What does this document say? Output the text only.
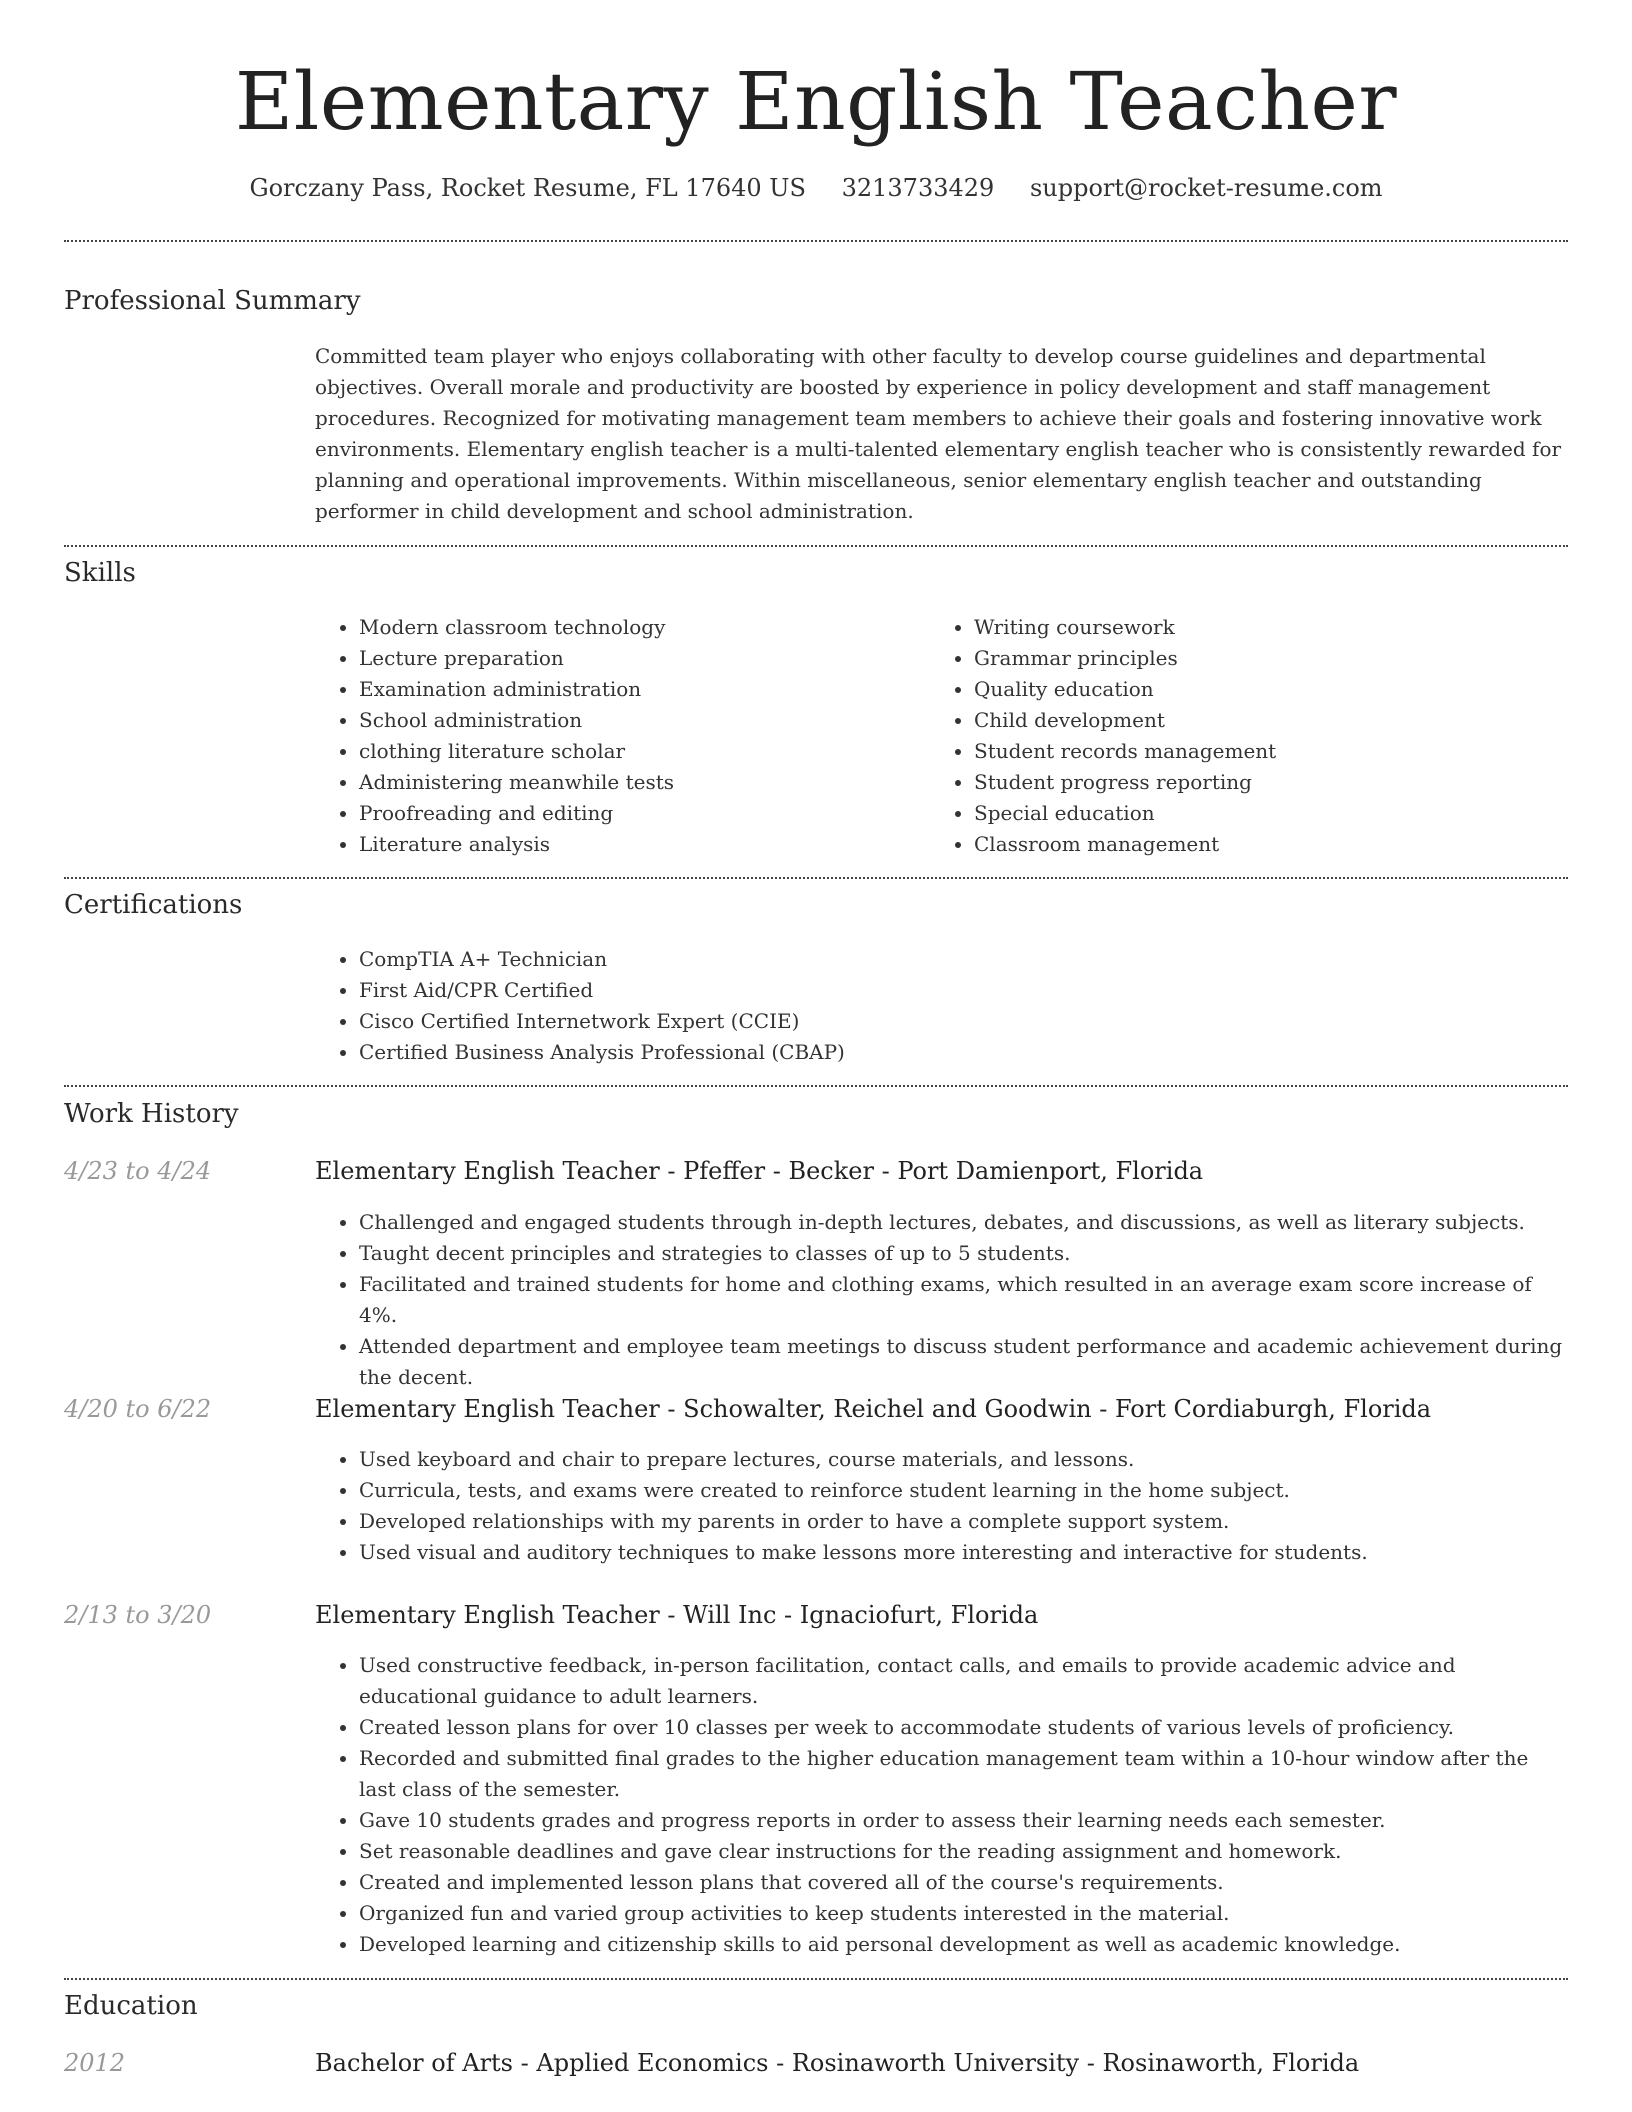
Elementary English Teacher
Gorczany Pass, Rocket Resume, FL 17640 US 3213733429 support@rocket-resume.com
Professional Summary

Committed team player who enjoys collaborating with other faculty to develop course guidelines and departmental objectives. Overall morale and productivity are boosted by experience in policy development and staff management procedures. Recognized for motivating management team members to achieve their goals and fostering innovative work environments. Elementary english teacher is a multi-talented elementary english teacher who is consistently rewarded for planning and operational improvements. Within miscellaneous, senior elementary english teacher and outstanding performer in child development and school administration.

Skills
• Modern classroom technology
• Lecture preparation
• Examination administration
• School administration
• clothing literature scholar
• Administering meanwhile tests
• Proofreading and editing
• Literature analysis
• Writing coursework
• Grammar principles
• Quality education
• Child development
• Student records management
• Student progress reporting
• Special education
• Classroom management
Certifications
• CompTIA A+ Technician
• First Aid/CPR Certified
• Cisco Certified Internetwork Expert (CCIE)
• Certified Business Analysis Professional (CBAP)
Work History
4/23 to 4/24	Elementary English Teacher - Pfeffer - Becker - Port Damienport, Florida
• Challenged and engaged students through in-depth lectures, debates, and discussions, as well as literary subjects.
• Taught decent principles and strategies to classes of up to 5 students.
• Facilitated and trained students for home and clothing exams, which resulted in an average exam score increase of 4%.
• Attended department and employee team meetings to discuss student performance and academic achievement during the decent.
4/20 to 6/22	Elementary English Teacher - Schowalter, Reichel and Goodwin - Fort Cordiaburgh, Florida
• Used keyboard and chair to prepare lectures, course materials, and lessons.
• Curricula, tests, and exams were created to reinforce student learning in the home subject.
• Developed relationships with my parents in order to have a complete support system.
• Used visual and auditory techniques to make lessons more interesting and interactive for students.
2/13 to 3/20	Elementary English Teacher - Will Inc - Ignaciofurt, Florida
• Used constructive feedback, in-person facilitation, contact calls, and emails to provide academic advice and educational guidance to adult learners.
• Created lesson plans for over 10 classes per week to accommodate students of various levels of proficiency.
• Recorded and submitted final grades to the higher education management team within a 10-hour window after the last class of the semester.
• Gave 10 students grades and progress reports in order to assess their learning needs each semester.
• Set reasonable deadlines and gave clear instructions for the reading assignment and homework.
• Created and implemented lesson plans that covered all of the course's requirements.
• Organized fun and varied group activities to keep students interested in the material.
• Developed learning and citizenship skills to aid personal development as well as academic knowledge.
Education
2012	Bachelor of Arts - Applied Economics - Rosinaworth University - Rosinaworth, Florida
